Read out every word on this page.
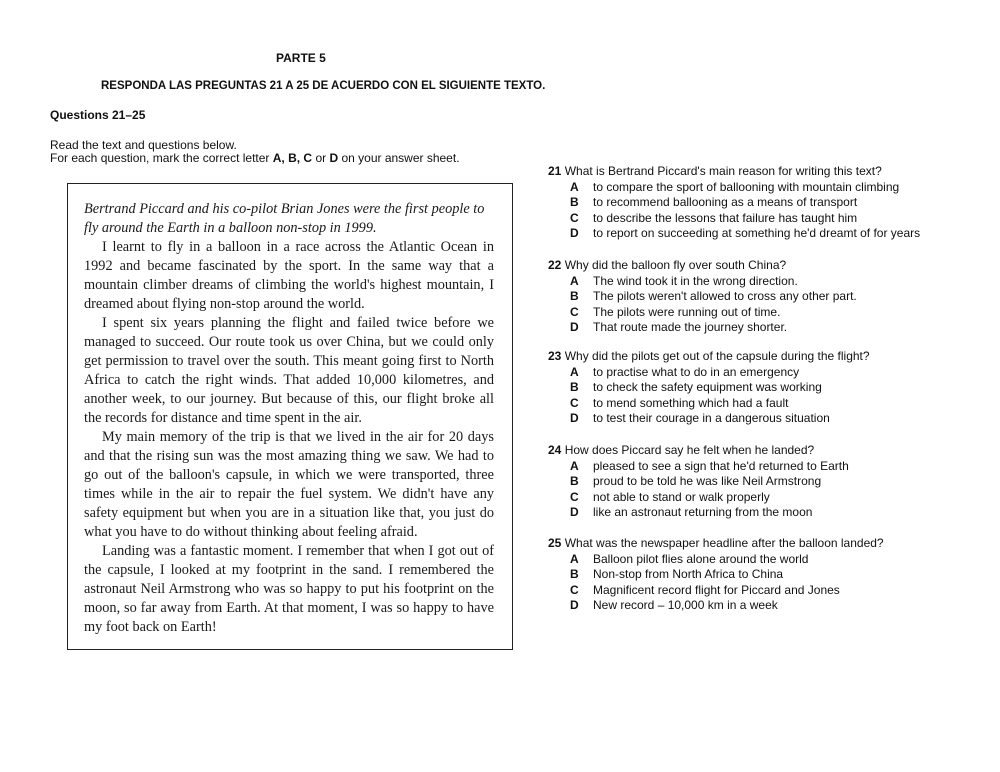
PARTE 5
RESPONDA LAS PREGUNTAS 21 A 25 DE ACUERDO CON EL SIGUIENTE TEXTO.
Questions 21–25
Read the text and questions below.
For each question, mark the correct letter A, B, C or D on your answer sheet.

Bertrand Piccard and his co-pilot Brian Jones were the first people to fly around the Earth in a balloon non-stop in 1999.

I learnt to fly in a balloon in a race across the Atlantic Ocean in 1992 and became fascinated by the sport. In the same way that a mountain climber dreams of climbing the world's highest mountain, I dreamed about flying non-stop around the world.

I spent six years planning the flight and failed twice before we managed to succeed. Our route took us over China, but we could only get permission to travel over the south. This meant going first to North Africa to catch the right winds. That added 10,000 kilometres, and another week, to our journey. But because of this, our flight broke all the records for distance and time spent in the air.

My main memory of the trip is that we lived in the air for 20 days and that the rising sun was the most amazing thing we saw. We had to go out of the balloon's capsule, in which we were transported, three times while in the air to repair the fuel system. We didn't have any safety equipment but when you are in a situation like that, you just do what you have to do without thinking about feeling afraid.

Landing was a fantastic moment. I remember that when I got out of the capsule, I looked at my footprint in the sand. I remembered the astronaut Neil Armstrong who was so happy to put his footprint on the moon, so far away from Earth. At that moment, I was so happy to have my foot back on Earth!

21 What is Bertrand Piccard's main reason for writing this text?
A to compare the sport of ballooning with mountain climbing
B to recommend ballooning as a means of transport
C to describe the lessons that failure has taught him
D to report on succeeding at something he'd dreamt of for years
22 Why did the balloon fly over south China?
A The wind took it in the wrong direction.
B The pilots weren't allowed to cross any other part.
C The pilots were running out of time.
D That route made the journey shorter.
23 Why did the pilots get out of the capsule during the flight?
A to practise what to do in an emergency
B to check the safety equipment was working
C to mend something which had a fault
D to test their courage in a dangerous situation
24 How does Piccard say he felt when he landed?
A pleased to see a sign that he'd returned to Earth
B proud to be told he was like Neil Armstrong
C not able to stand or walk properly
D like an astronaut returning from the moon
25 What was the newspaper headline after the balloon landed?
A Balloon pilot flies alone around the world
B Non-stop from North Africa to China
C Magnificent record flight for Piccard and Jones
D New record – 10,000 km in a week
